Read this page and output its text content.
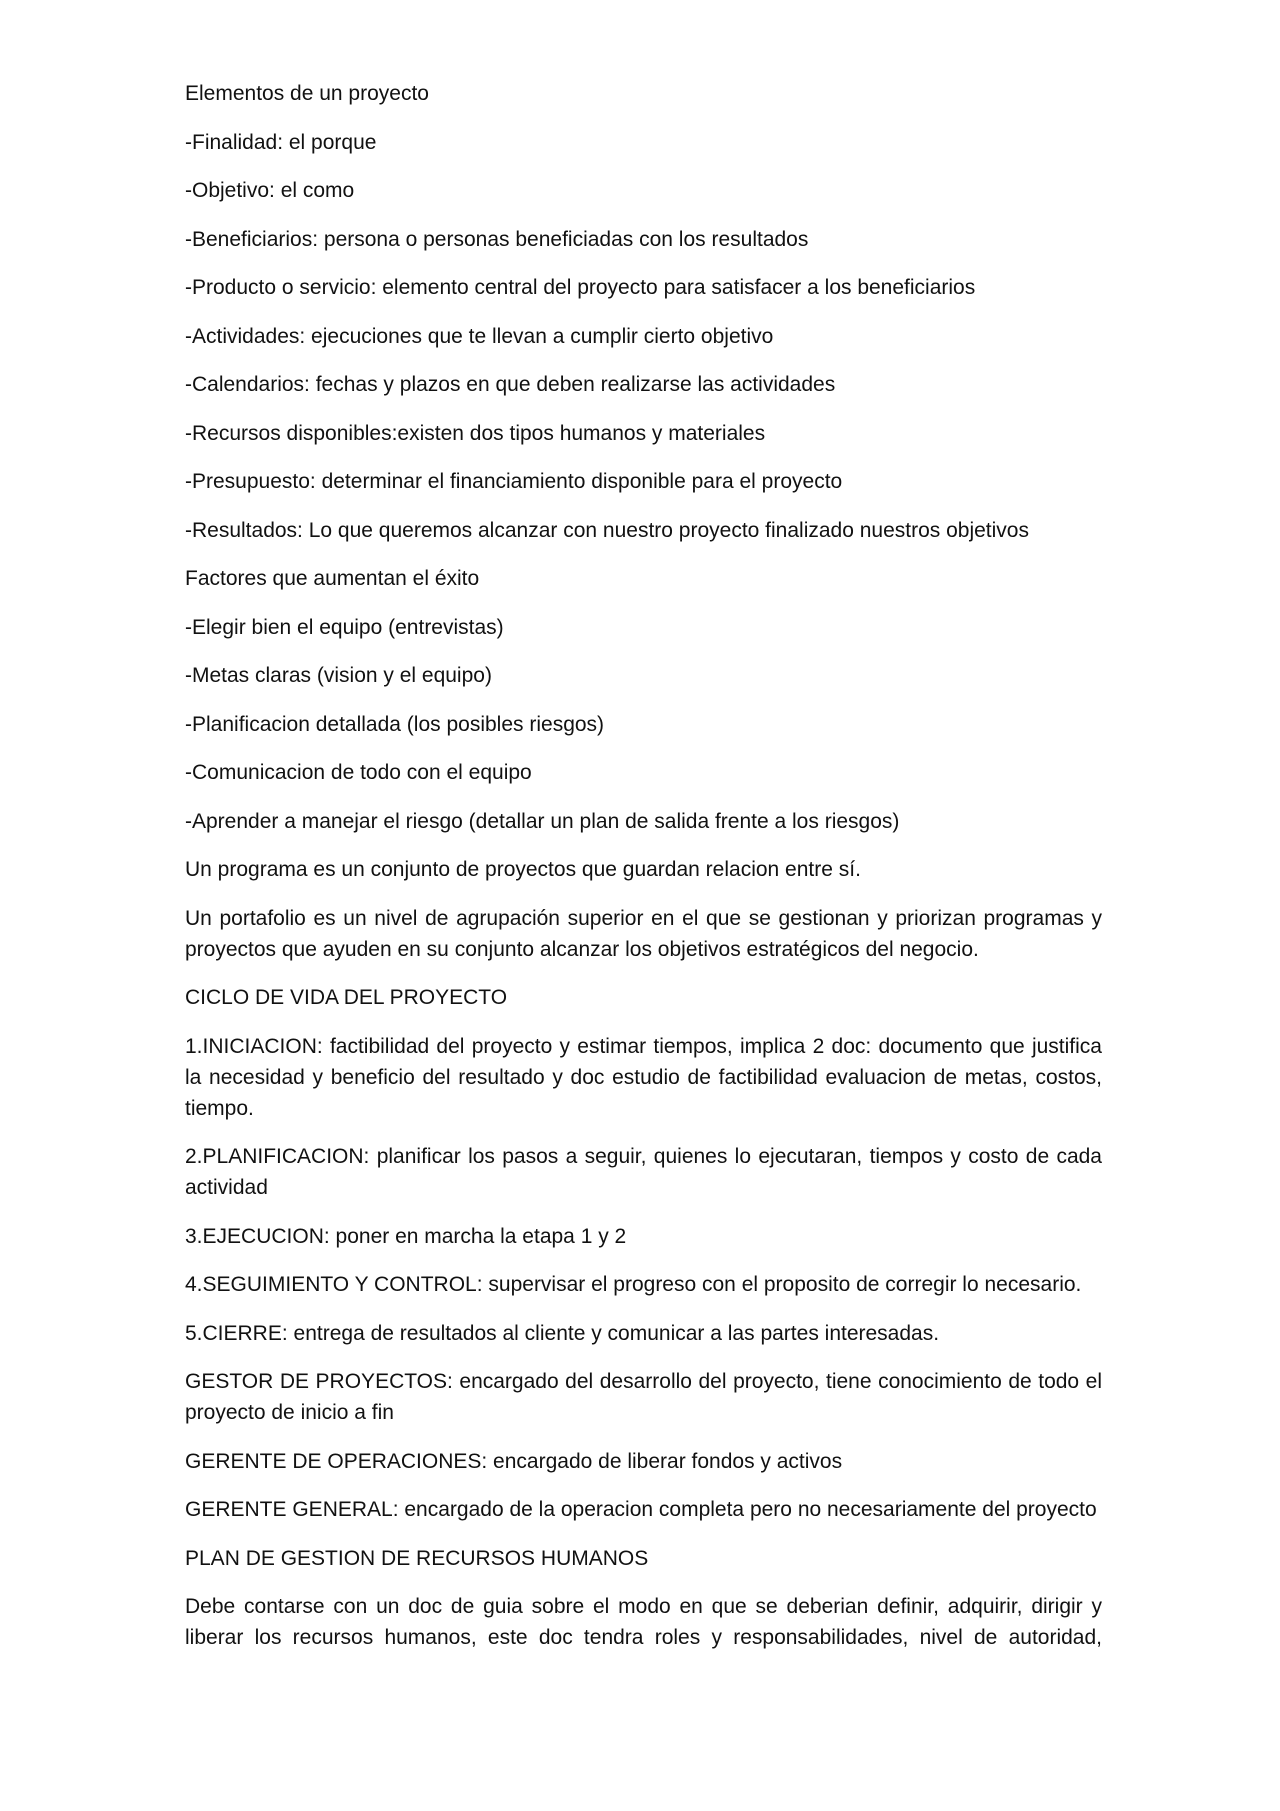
Elementos de un proyecto

-Finalidad: el porque

-Objetivo: el como

-Beneficiarios: persona o personas beneficiadas con los resultados

-Producto o servicio: elemento central del proyecto para satisfacer a los beneficiarios

-Actividades: ejecuciones que te llevan a cumplir cierto objetivo

-Calendarios: fechas y plazos en que deben realizarse las actividades

-Recursos disponibles:existen dos tipos humanos y materiales

-Presupuesto: determinar el financiamiento disponible para el proyecto

-Resultados: Lo que queremos alcanzar con nuestro proyecto finalizado nuestros objetivos

Factores que aumentan el éxito

-Elegir bien el equipo (entrevistas)

-Metas claras (vision y el equipo)

-Planificacion detallada (los posibles riesgos)

-Comunicacion de todo con el equipo

-Aprender a manejar el riesgo (detallar un plan de salida frente a los riesgos)

Un programa es un conjunto de proyectos que guardan relacion entre sí.

Un portafolio es un nivel de agrupación superior en el que se gestionan y priorizan programas y proyectos que ayuden en su conjunto alcanzar los objetivos estratégicos del negocio.

CICLO DE VIDA DEL PROYECTO

1.INICIACION: factibilidad del proyecto y estimar tiempos, implica 2 doc: documento que justifica la necesidad y beneficio del resultado y doc estudio de factibilidad evaluacion de metas, costos, tiempo.

2.PLANIFICACION: planificar los pasos a seguir, quienes lo ejecutaran, tiempos y costo de cada actividad

3.EJECUCION: poner en marcha la etapa 1 y 2

4.SEGUIMIENTO Y CONTROL: supervisar el progreso con el proposito de corregir lo necesario.

5.CIERRE: entrega de resultados al cliente y comunicar a las partes interesadas.

GESTOR DE PROYECTOS: encargado del desarrollo del proyecto, tiene conocimiento de todo el proyecto de inicio a fin

GERENTE DE OPERACIONES: encargado de liberar fondos y activos

GERENTE GENERAL: encargado de la operacion completa pero no necesariamente del proyecto

PLAN DE GESTION DE RECURSOS HUMANOS

Debe contarse con un doc de guia sobre el modo en que se deberian definir, adquirir, dirigir y liberar los recursos humanos, este doc tendra roles y responsabilidades, nivel de autoridad,
